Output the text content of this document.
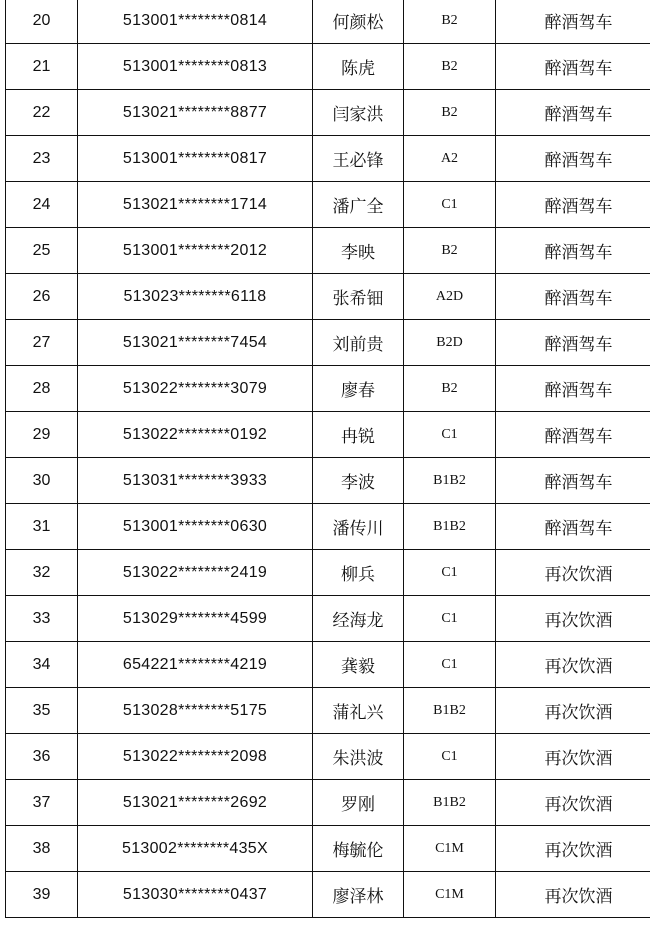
20	513001********0814	何颜松	B2	醉酒驾车
21	513001********0813	陈虎	B2	醉酒驾车
22	513021********8877	闫家洪	B2	醉酒驾车
23	513001********0817	王必锋	A2	醉酒驾车
24	513021********1714	潘广全	C1	醉酒驾车
25	513001********2012	李映	B2	醉酒驾车
26	513023********6118	张希钿	A2D	醉酒驾车
27	513021********7454	刘前贵	B2D	醉酒驾车
28	513022********3079	廖春	B2	醉酒驾车
29	513022********0192	冉锐	C1	醉酒驾车
30	513031********3933	李波	B1B2	醉酒驾车
31	513001********0630	潘传川	B1B2	醉酒驾车
32	513022********2419	柳兵	C1	再次饮酒
33	513029********4599	经海龙	C1	再次饮酒
34	654221********4219	龚毅	C1	再次饮酒
35	513028********5175	蒲礼兴	B1B2	再次饮酒
36	513022********2098	朱洪波	C1	再次饮酒
37	513021********2692	罗刚	B1B2	再次饮酒
38	513002********435X	梅毓伦	C1M	再次饮酒
39	513030********0437	廖泽林	C1M	再次饮酒
